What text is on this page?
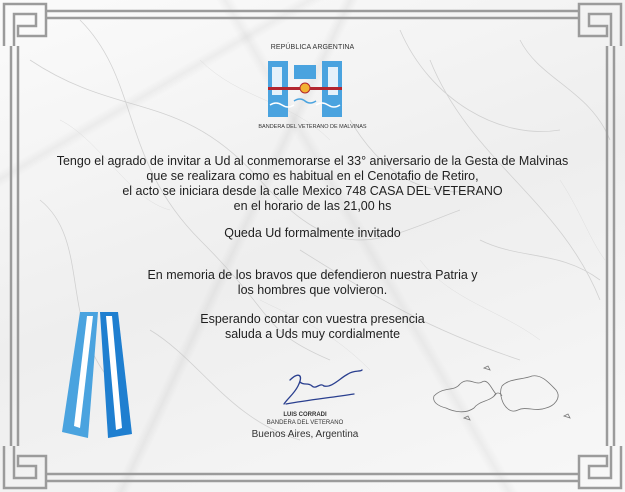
REPÚBLICA ARGENTINA
BANDERA DEL VETERANO DE MALVINAS
Tengo el agrado de invitar a Ud al conmemorarse el 33° aniversario de la Gesta de Malvinas
que se realizara como es habitual en el Cenotafio de Retiro,
el acto se iniciara desde la calle Mexico 748 CASA DEL VETERANO
en el horario de las 21,00 hs
Queda Ud formalmente invitado
En memoria de los bravos que defendieron nuestra Patria y
los hombres que volvieron.
Esperando contar con vuestra presencia
saluda a Uds muy cordialmente
LUIS CORRADI
BANDERA DEL VETERANO
Buenos Aires, Argentina
